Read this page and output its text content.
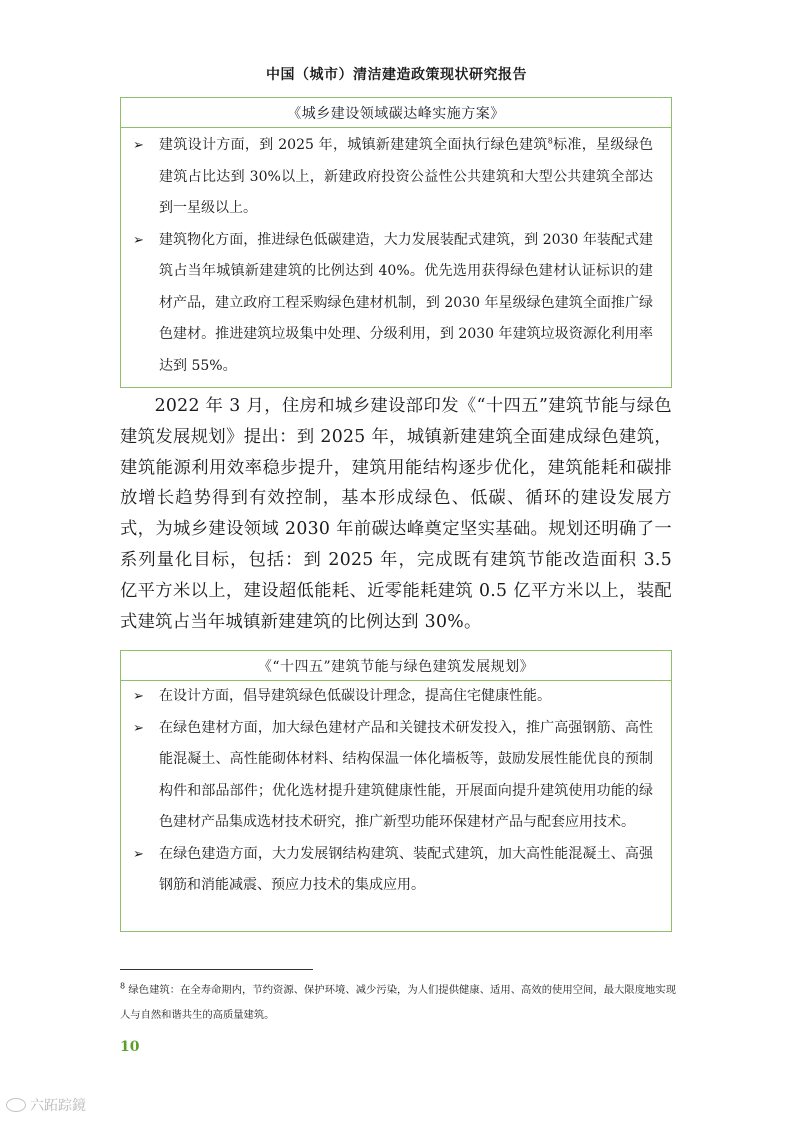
中国（城市）清洁建造政策现状研究报告
《城乡建设领域碳达峰实施方案》
➢ 建筑设计方面，到 2025 年，城镇新建建筑全面执行绿色建筑$^8$标准，星级绿色建筑占比达到 30%以上，新建政府投资公益性公共建筑和大型公共建筑全部达到一星级以上。
➢ 建筑物化方面，推进绿色低碳建造，大力发展装配式建筑，到 2030 年装配式建筑占当年城镇新建建筑的比例达到 40%。优先选用获得绿色建材认证标识的建材产品，建立政府工程采购绿色建材机制，到 2030 年星级绿色建筑全面推广绿色建材。推进建筑垃圾集中处理、分级利用，到 2030 年建筑垃圾资源化利用率达到 55%。
2022 年 3 月，住房和城乡建设部印发《“十四五”建筑节能与绿色建筑发展规划》提出：到 2025 年，城镇新建建筑全面建成绿色建筑，建筑能源利用效率稳步提升，建筑用能结构逐步优化，建筑能耗和碳排放增长趋势得到有效控制，基本形成绿色、低碳、循环的建设发展方式，为城乡建设领域 2030 年前碳达峰奠定坚实基础。规划还明确了一系列量化目标，包括：到 2025 年，完成既有建筑节能改造面积 3.5 亿平方米以上，建设超低能耗、近零能耗建筑 0.5 亿平方米以上，装配式建筑占当年城镇新建建筑的比例达到 30%。
《“十四五”建筑节能与绿色建筑发展规划》
➢ 在设计方面，倡导建筑绿色低碳设计理念，提高住宅健康性能。
➢ 在绿色建材方面，加大绿色建材产品和关键技术研发投入，推广高强钢筋、高性能混凝土、高性能砌体材料、结构保温一体化墙板等，鼓励发展性能优良的预制构件和部品部件；优化选材提升建筑健康性能，开展面向提升建筑使用功能的绿色建材产品集成选材技术研究，推广新型功能环保建材产品与配套应用技术。
➢ 在绿色建造方面，大力发展钢结构建筑、装配式建筑，加大高性能混凝土、高强钢筋和消能减震、预应力技术的集成应用。
$^8$ 绿色建筑：在全寿命期内，节约资源、保护环境、减少污染，为人们提供健康、适用、高效的使用空间，最大限度地实现人与自然和谐共生的高质量建筑。
10
六跖踪鏡
